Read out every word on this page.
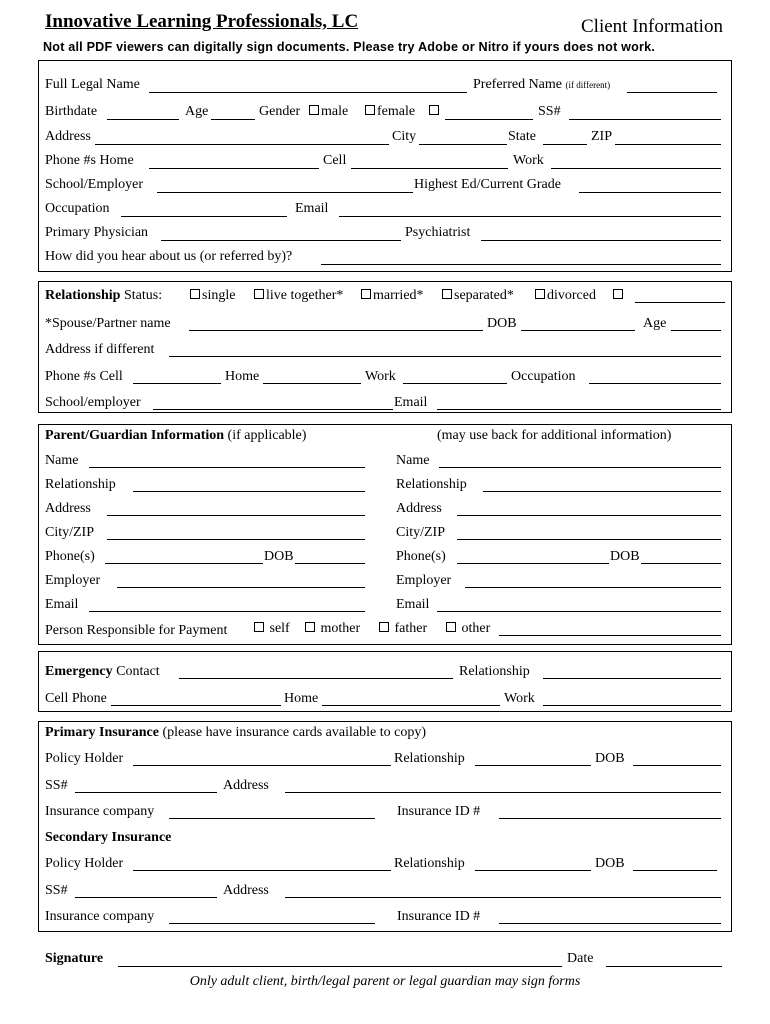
Innovative Learning Professionals, LC	Client Information
Not all PDF viewers can digitally sign documents. Please try Adobe or Nitro if yours does not work.
Full Legal Name	Preferred Name (if different)
Birthdate	Age	Gender	male	female	SS#
Address	City	State	ZIP
Phone #s Home	Cell	Work
School/Employer	Highest Ed/Current Grade
Occupation	Email
Primary Physician	Psychiatrist
How did you hear about us (or referred by)?
Relationship Status:	single	live together*	married*	separated*	divorced
*Spouse/Partner name	DOB	Age
Address if different
Phone #s Cell	Home	Work	Occupation
School/employer	Email
Parent/Guardian Information (if applicable)	(may use back for additional information)
Name
Relationship
Address
City/ZIP
Phone(s)	DOB
Employer
Email
Name
Relationship
Address
City/ZIP
Phone(s)	DOB
Employer
Email
Person Responsible for Payment	self	mother	father	other
Emergency Contact	Relationship
Cell Phone	Home	Work
Primary Insurance (please have insurance cards available to copy)
Policy Holder	Relationship	DOB
SS#	Address
Insurance company	Insurance ID #
Secondary Insurance
Policy Holder	Relationship	DOB
SS#	Address
Insurance company	Insurance ID #
Signature	Date
Only adult client, birth/legal parent or legal guardian may sign forms
